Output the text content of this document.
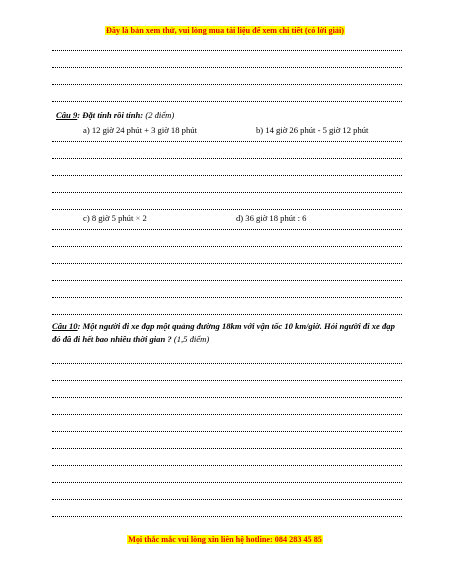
Đây là bản xem thử, vui lòng mua tài liệu để xem chi tiết (có lời giải)
Câu 9: Đặt tính rồi tính: (2 điểm)
a) 12 giờ 24 phút + 3 giờ 18 phút	b) 14 giờ 26 phút - 5 giờ 12 phút
c) 8 giờ 5 phút × 2	d) 36 giờ 18 phút : 6
Câu 10: Một người đi xe đạp một quảng đường 18km với vận tốc 10 km/giờ. Hỏi người đi xe đạp đó đã đi hết bao nhiêu thời gian ? (1,5 điểm)
Mọi thắc mắc vui lòng xin liên hệ hotline: 084 283 45 85
